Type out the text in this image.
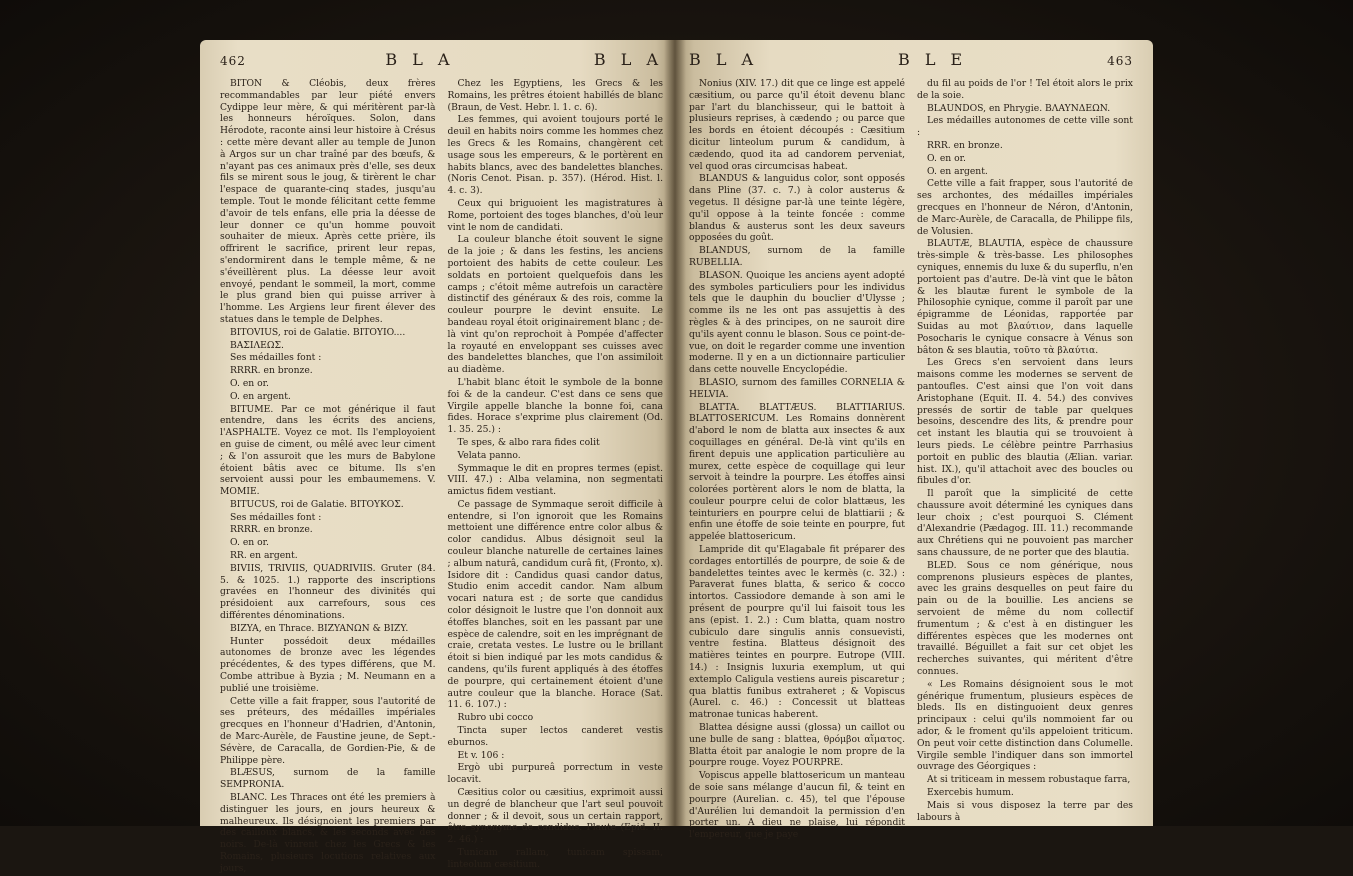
462	B L A	B L A

BITON & Cléobis, deux frères recommandables par leur piété envers Cydippe leur mère, & qui méritèrent par-là les honneurs héroïques. Solon, dans Hérodote, raconte ainsi leur histoire à Crésus : cette mère devant aller au temple de Junon à Argos sur un char traîné par des bœufs, & n'ayant pas ces animaux près d'elle, ses deux fils se mirent sous le joug, & tirèrent le char l'espace de quarante-cinq stades, jusqu'au temple. Tout le monde félicitant cette femme d'avoir de tels enfans, elle pria la déesse de leur donner ce qu'un homme pouvoit souhaiter de mieux. Après cette prière, ils offrirent le sacrifice, prirent leur repas, s'endormirent dans le temple même, & ne s'éveillèrent plus. La déesse leur avoit envoyé, pendant le sommeil, la mort, comme le plus grand bien qui puisse arriver à l'homme. Les Argiens leur firent élever des statues dans le temple de Delphes.

BITOVIUS, roi de Galatie. BITOΥIO....

BAΣIΛEΩΣ.

Ses médailles font :

RRRR. en bronze.

O. en or.

O. en argent.

BITUME. Par ce mot générique il faut entendre, dans les écrits des anciens, l'ASPHALTE. Voyez ce mot. Ils l'employoient en guise de ciment, ou mêlé avec leur ciment ; & l'on assuroit que les murs de Babylone étoient bâtis avec ce bitume. Ils s'en servoient aussi pour les embaumemens. V. MOMIE.

BITUCUS, roi de Galatie. BITOΥKOΣ.

Ses médailles font :

RRRR. en bronze.

O. en or.

RR. en argent.

BIVIIS, TRIVIIS, QUADRIVIIS. Gruter (84. 5. & 1025. 1.) rapporte des inscriptions gravées en l'honneur des divinités qui présidoient aux carrefours, sous ces différentes dénominations.

BIZYA, en Thrace. BIZYANΩN & BIZY.

Hunter possédoit deux médailles autonomes de bronze avec les légendes précédentes, & des types différens, que M. Combe attribue à Byzia ; M. Neumann en a publié une troisième.

Cette ville a fait frapper, sous l'autorité de ses préteurs, des médailles impériales grecques en l'honneur d'Hadrien, d'Antonin, de Marc-Aurèle, de Faustine jeune, de Sept.-Sévère, de Caracalla, de Gordien-Pie, & de Philippe père.

BLÆSUS, surnom de la famille SEMPRONIA.

BLANC. Les Thraces ont été les premiers à distinguer les jours, en jours heureux & malheureux. Ils désignoient les premiers par des cailloux blancs, & les seconds avec des noirs. De-là vinrent chez les Grecs & les Romains, plusieurs locutions relatives aux jours,

Chez les Egyptiens, les Grecs & les Romains, les prêtres étoient habillés de blanc (Braun, de Vest. Hebr. l. 1. c. 6).

Les femmes, qui avoient toujours porté le deuil en habits noirs comme les hommes chez les Grecs & les Romains, changèrent cet usage sous les empereurs, & le portèrent en habits blancs, avec des bandelettes blanches. (Noris Cenot. Pisan. p. 357). (Hérod. Hist. l. 4. c. 3).

Ceux qui briguoient les magistratures à Rome, portoient des toges blanches, d'où leur vint le nom de candidati.

La couleur blanche étoit souvent le signe de la joie ; & dans les festins, les anciens portoient des habits de cette couleur. Les soldats en portoient quelquefois dans les camps ; c'étoit même autrefois un caractère distinctif des généraux & des rois, comme la couleur pourpre le devint ensuite. Le bandeau royal étoit originairement blanc ; de-là vint qu'on reprochoit à Pompée d'affecter la royauté en enveloppant ses cuisses avec des bandelettes blanches, que l'on assimiloit au diadème.

L'habit blanc étoit le symbole de la bonne foi & de la candeur. C'est dans ce sens que Virgile appelle blanche la bonne foi, cana fides. Horace s'exprime plus clairement (Od. 1. 35. 25.) :

Te spes, & albo rara fides colit

Velata panno.

Symmaque le dit en propres termes (epist. VIII. 47.) : Alba velamina, non segmentati amictus fidem vestiant.

Ce passage de Symmaque seroit difficile à entendre, si l'on ignoroit que les Romains mettoient une différence entre color albus & color candidus. Albus désignoit seul la couleur blanche naturelle de certaines laines ; album naturâ, candidum curâ fit, (Fronto, x). Isidore dit : Candidus quasi candor datus, Studio enim accedit candor. Nam album vocari natura est ; de sorte que candidus color désignoit le lustre que l'on donnoit aux étoffes blanches, soit en les passant par une espèce de calendre, soit en les imprégnant de craie, cretata vestes. Le lustre ou le brillant étoit si bien indiqué par les mots candidus & candens, qu'ils furent appliqués à des étoffes de pourpre, qui certainement étoient d'une autre couleur que la blanche. Horace (Sat. 11. 6. 107.) :

Rubro ubi cocco

Tincta super lectos canderet vestis eburnos.

Et v. 106 :

Ergò ubi purpureâ porrectum in veste locavit.

Cæsitius color ou cæsitius, exprimoit aussi un degré de blancheur que l'art seul pouvoit donner ; & il devoit, sous un certain rapport, être synonyme de candidus. Plaute (Epid. II. 2. 46.) :

Tunicam rallam, tunicam spissam, linteolum cæsitium.

B L A	B L E	463

Nonius (XIV. 17.) dit que ce linge est appelé cæsitium, ou parce qu'il étoit devenu blanc par l'art du blanchisseur, qui le battoit à plusieurs reprises, à cædendo ; ou parce que les bords en étoient découpés : Cæsitium dicitur linteolum purum & candidum, à cædendo, quod ita ad candorem perveniat, vel quod oras circumcisas habeat.

BLANDUS & languidus color, sont opposés dans Pline (37. c. 7.) à color austerus & vegetus. Il désigne par-là une teinte légère, qu'il oppose à la teinte foncée : comme blandus & austerus sont les deux saveurs opposées du goût.

BLANDUS, surnom de la famille RUBELLIA.

BLASON. Quoique les anciens ayent adopté des symboles particuliers pour les individus tels que le dauphin du bouclier d'Ulysse ; comme ils ne les ont pas assujettis à des règles & à des principes, on ne sauroit dire qu'ils ayent connu le blason. Sous ce point-de-vue, on doit le regarder comme une invention moderne. Il y en a un dictionnaire particulier dans cette nouvelle Encyclopédie.

BLASIO, surnom des familles CORNELIA & HELVIA.

BLATTA. BLATTÆUS. BLATTIARIUS. BLATTOSERICUM. Les Romains donnèrent d'abord le nom de blatta aux insectes & aux coquillages en général. De-là vint qu'ils en firent depuis une application particulière au murex, cette espèce de coquillage qui leur servoit à teindre la pourpre. Les étoffes ainsi colorées portèrent alors le nom de blatta, la couleur pourpre celui de color blattæus, les teinturiers en pourpre celui de blattiarii ; & enfin une étoffe de soie teinte en pourpre, fut appelée blattosericum.

Lampride dit qu'Elagabale fit préparer des cordages entortillés de pourpre, de soie & de bandelettes teintes avec le kermès (c. 32.) : Paraverat funes blatta, & serico & cocco intortos. Cassiodore demande à son ami le présent de pourpre qu'il lui faisoit tous les ans (epist. 1. 2.) : Cum blatta, quam nostro cubiculo dare singulis annis consuevisti, ventre festina. Blatteus désignoit des matières teintes en pourpre. Eutrope (VIII. 14.) : Insignis luxuria exemplum, ut qui extemplo Caligula vestiens aureis piscaretur ; qua blattis funibus extraheret ; & Vopiscus (Aurel. c. 46.) : Concessit ut blatteas matronae tunicas haberent.

Blattea désigne aussi (glossa) un caillot ou une bulle de sang : blattea, θρόμβοι αἵματος. Blatta étoit par analogie le nom propre de la pourpre rouge. Voyez POURPRE.

Vopiscus appelle blattosericum un manteau de soie sans mélange d'aucun fil, & teint en pourpre (Aurelian. c. 45), tel que l'épouse d'Aurélien lui demandoit la permission d'en porter un. A dieu ne plaise, lui répondit l'empereur, que je paye

du fil au poids de l'or ! Tel étoit alors le prix de la soie.

BLAUNDOS, en Phrygie. BΛAYNΔEΩN.

Les médailles autonomes de cette ville sont :

RRR. en bronze.

O. en or.

O. en argent.

Cette ville a fait frapper, sous l'autorité de ses archontes, des médailles impériales grecques en l'honneur de Néron, d'Antonin, de Marc-Aurèle, de Caracalla, de Philippe fils, de Volusien.

BLAUTÆ, BLAUTIA, espèce de chaussure très-simple & très-basse. Les philosophes cyniques, ennemis du luxe & du superflu, n'en portoient pas d'autre. De-là vint que le bâton & les blautæ furent le symbole de la Philosophie cynique, comme il paroît par une épigramme de Léonidas, rapportée par Suidas au mot βλαύτιον, dans laquelle Posocharis le cynique consacre à Vénus son bâton & ses blautia, τοῦτο τὰ βλαύτια.

Les Grecs s'en servoient dans leurs maisons comme les modernes se servent de pantoufles. C'est ainsi que l'on voit dans Aristophane (Equit. II. 4. 54.) des convives pressés de sortir de table par quelques besoins, descendre des lits, & prendre pour cet instant les blautia qui se trouvoient à leurs pieds. Le célèbre peintre Parrhasius portoit en public des blautia (Ælian. variar. hist. IX.), qu'il attachoit avec des boucles ou fibules d'or.

Il paroît que la simplicité de cette chaussure avoit déterminé les cyniques dans leur choix ; c'est pourquoi S. Clément d'Alexandrie (Pædagog. III. 11.) recommande aux Chrétiens qui ne pouvoient pas marcher sans chaussure, de ne porter que des blautia.

BLED. Sous ce nom générique, nous comprenons plusieurs espèces de plantes, avec les grains desquelles on peut faire du pain ou de la bouillie. Les anciens se servoient de même du nom collectif frumentum ; & c'est à en distinguer les différentes espèces que les modernes ont travaillé. Béguillet a fait sur cet objet les recherches suivantes, qui méritent d'être connues.

« Les Romains désignoient sous le mot générique frumentum, plusieurs espèces de bleds. Ils en distinguoient deux genres principaux : celui qu'ils nommoient far ou ador, & le froment qu'ils appeloient triticum. On peut voir cette distinction dans Columelle. Virgile semble l'indiquer dans son immortel ouvrage des Géorgiques :

At si triticeam in messem robustaque farra,

Exercebis humum.

Mais si vous disposez la terre par des labours à
